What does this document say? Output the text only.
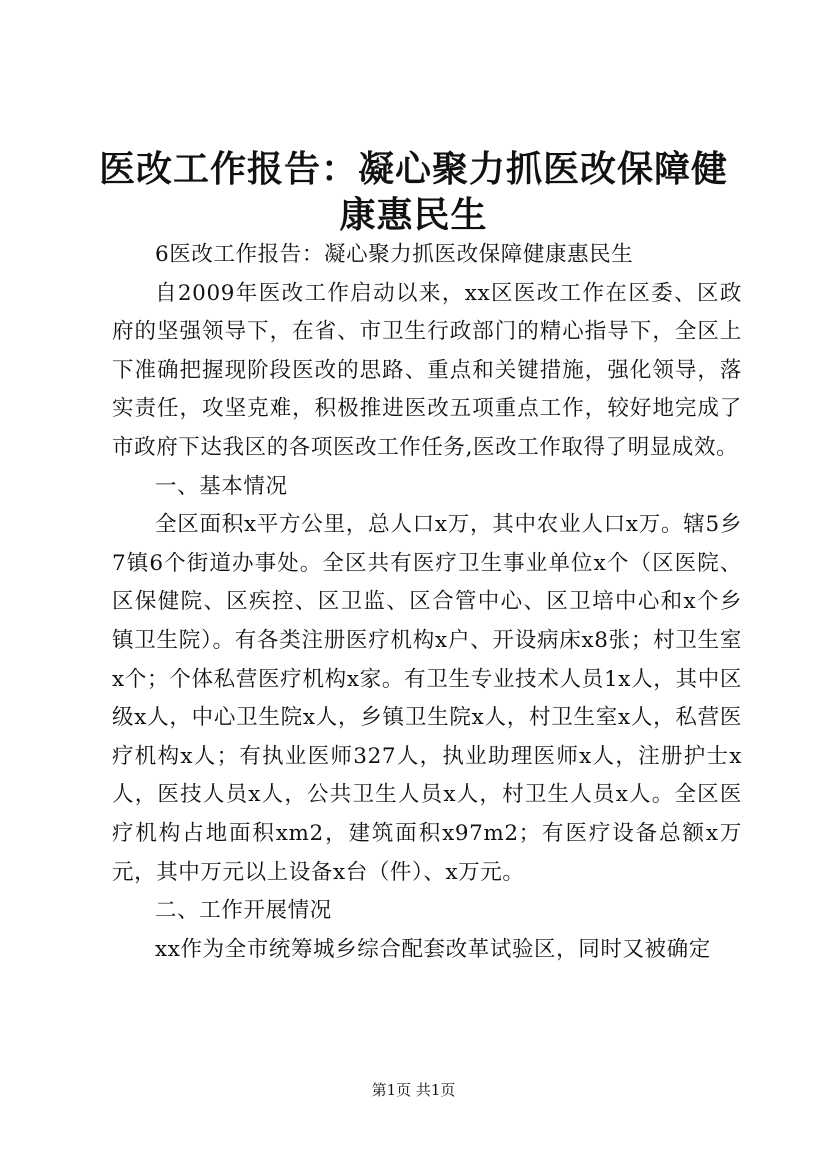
医改工作报告：凝心聚力抓医改保障健康惠民生

6医改工作报告：凝心聚力抓医改保障健康惠民生

自2009年医改工作启动以来，xx区医改工作在区委、区政府的坚强领导下，在省、市卫生行政部门的精心指导下，全区上下准确把握现阶段医改的思路、重点和关键措施，强化领导，落实责任，攻坚克难，积极推进医改五项重点工作，较好地完成了市政府下达我区的各项医改工作任务,医改工作取得了明显成效。

一、基本情况

全区面积x平方公里，总人口x万，其中农业人口x万。辖5乡7镇6个街道办事处。全区共有医疗卫生事业单位x个（区医院、区保健院、区疾控、区卫监、区合管中心、区卫培中心和x个乡镇卫生院）。有各类注册医疗机构x户、开设病床x8张；村卫生室x个；个体私营医疗机构x家。有卫生专业技术人员1x人，其中区级x人，中心卫生院x人，乡镇卫生院x人，村卫生室x人，私营医疗机构x人；有执业医师327人，执业助理医师x人，注册护士x人，医技人员x人，公共卫生人员x人，村卫生人员x人。全区医疗机构占地面积xm2，建筑面积x97m2；有医疗设备总额x万元，其中万元以上设备x台（件）、x万元。

二、工作开展情况

xx作为全市统筹城乡综合配套改革试验区，同时又被确定

第1页 共1页
